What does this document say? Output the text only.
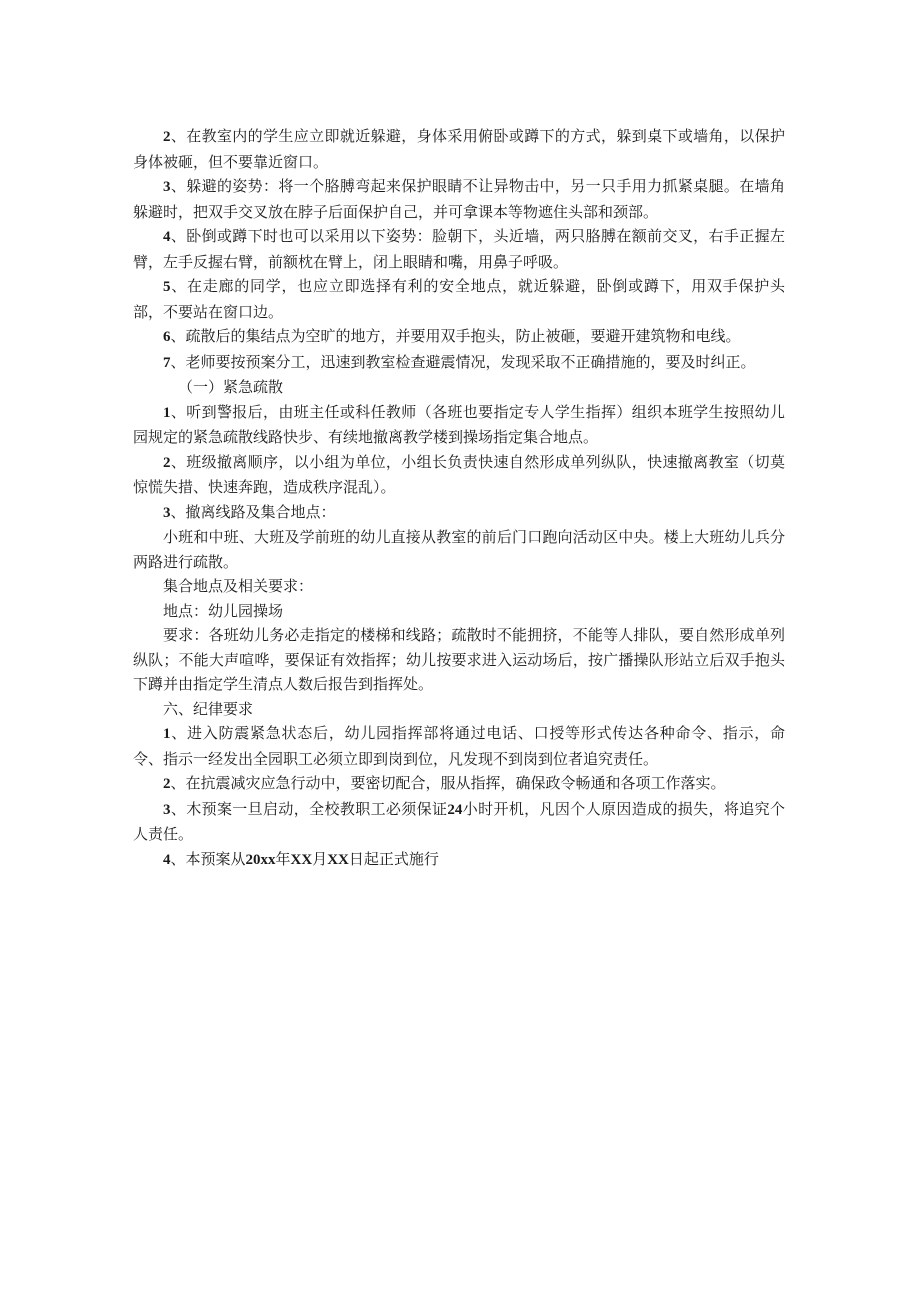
2、在教室内的学生应立即就近躲避，身体采用俯卧或蹲下的方式，躲到桌下或墙角，以保护身体被砸，但不要靠近窗口。

3、躲避的姿势：将一个胳膊弯起来保护眼睛不让异物击中，另一只手用力抓紧桌腿。在墙角躲避时，把双手交叉放在脖子后面保护自己，并可拿课本等物遮住头部和颈部。

4、卧倒或蹲下时也可以采用以下姿势：脸朝下，头近墙，两只胳膊在额前交叉，右手正握左臂，左手反握右臂，前额枕在臂上，闭上眼睛和嘴，用鼻子呼吸。

5、在走廊的同学，也应立即选择有利的安全地点，就近躲避，卧倒或蹲下，用双手保护头部，不要站在窗口边。

6、疏散后的集结点为空旷的地方，并要用双手抱头，防止被砸，要避开建筑物和电线。

7、老师要按预案分工，迅速到教室检查避震情况，发现采取不正确措施的，要及时纠正。

（一）紧急疏散

1、听到警报后，由班主任或科任教师（各班也要指定专人学生指挥）组织本班学生按照幼儿园规定的紧急疏散线路快步、有续地撤离教学楼到操场指定集合地点。

2、班级撤离顺序，以小组为单位，小组长负责快速自然形成单列纵队，快速撤离教室（切莫惊慌失措、快速奔跑，造成秩序混乱）。

3、撤离线路及集合地点：

小班和中班、大班及学前班的幼儿直接从教室的前后门口跑向活动区中央。楼上大班幼儿兵分两路进行疏散。

集合地点及相关要求：

地点：幼儿园操场

要求：各班幼儿务必走指定的楼梯和线路；疏散时不能拥挤，不能等人排队，要自然形成单列纵队；不能大声喧哗，要保证有效指挥；幼儿按要求进入运动场后，按广播操队形站立后双手抱头下蹲并由指定学生清点人数后报告到指挥处。

六、纪律要求

1、进入防震紧急状态后，幼儿园指挥部将通过电话、口授等形式传达各种命令、指示，命令、指示一经发出全园职工必须立即到岗到位，凡发现不到岗到位者追究责任。

2、在抗震减灾应急行动中，要密切配合，服从指挥，确保政令畅通和各项工作落实。

3、木预案一旦启动，全校教职工必须保证24小时开机，凡因个人原因造成的损失，将追究个人责任。

4、本预案从20xx年XX月XX日起正式施行
